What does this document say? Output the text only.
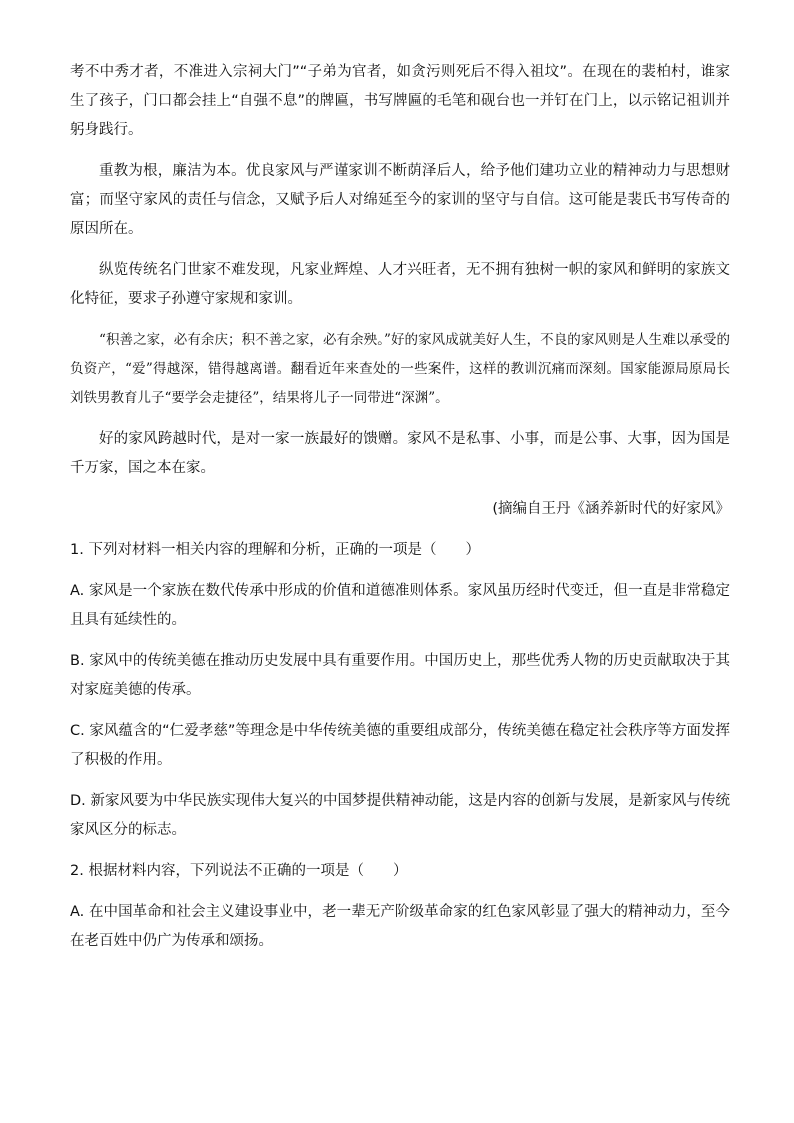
考不中秀才者，不准进入宗祠大门”“子弟为官者，如贪污则死后不得入祖坟”。在现在的裴柏村，谁家生了孩子，门口都会挂上“自强不息”的牌匾，书写牌匾的毛笔和砚台也一并钉在门上，以示铭记祖训并躬身践行。

重教为根，廉洁为本。优良家风与严谨家训不断荫泽后人，给予他们建功立业的精神动力与思想财富；而坚守家风的责任与信念，又赋予后人对绵延至今的家训的坚守与自信。这可能是裴氏书写传奇的原因所在。

纵览传统名门世家不难发现，凡家业辉煌、人才兴旺者，无不拥有独树一帜的家风和鲜明的家族文化特征，要求子孙遵守家规和家训。

“积善之家，必有余庆；积不善之家，必有余殃。”好的家风成就美好人生，不良的家风则是人生难以承受的负资产，“爱”得越深，错得越离谱。翻看近年来查处的一些案件，这样的教训沉痛而深刻。国家能源局原局长刘铁男教育儿子“要学会走捷径”，结果将儿子一同带进“深渊”。

好的家风跨越时代，是对一家一族最好的馈赠。家风不是私事、小事，而是公事、大事，因为国是千万家，国之本在家。

(摘编自王丹《涵养新时代的好家风》

1. 下列对材料一相关内容的理解和分析，正确的一项是（　　）

A. 家风是一个家族在数代传承中形成的价值和道德准则体系。家风虽历经时代变迁，但一直是非常稳定且具有延续性的。

B. 家风中的传统美德在推动历史发展中具有重要作用。中国历史上，那些优秀人物的历史贡献取决于其对家庭美德的传承。

C. 家风蕴含的“仁爱孝慈”等理念是中华传统美德的重要组成部分，传统美德在稳定社会秩序等方面发挥了积极的作用。

D. 新家风要为中华民族实现伟大复兴的中国梦提供精神动能，这是内容的创新与发展，是新家风与传统家风区分的标志。

2. 根据材料内容，下列说法不正确的一项是（　　）

A. 在中国革命和社会主义建设事业中，老一辈无产阶级革命家的红色家风彰显了强大的精神动力，至今在老百姓中仍广为传承和颂扬。
